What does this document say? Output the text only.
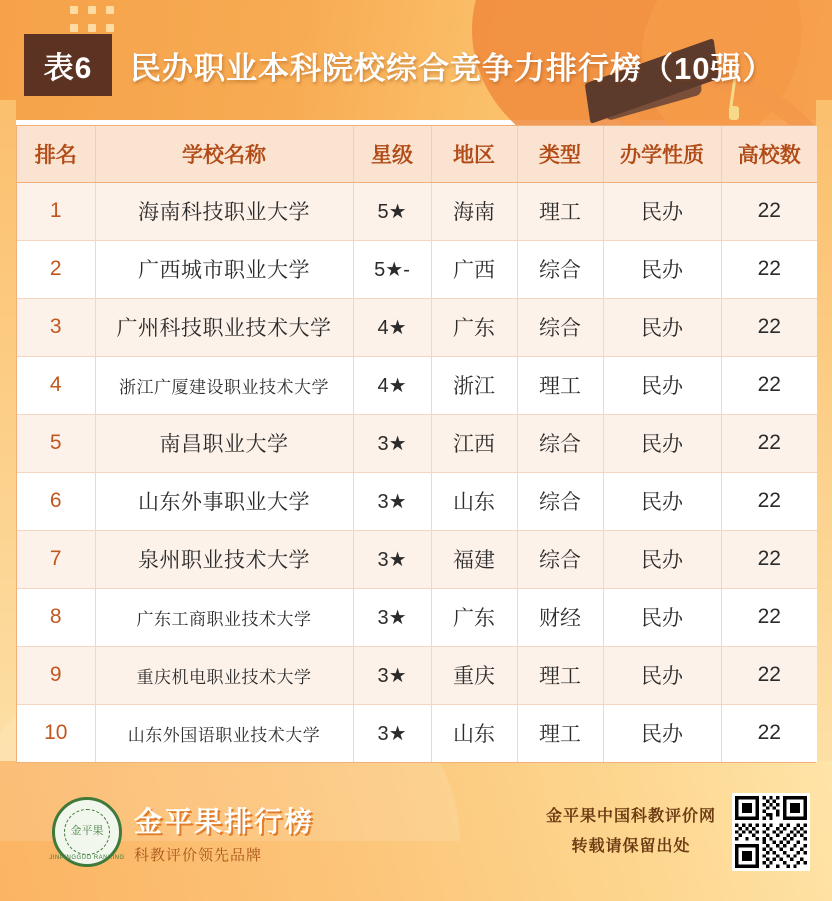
表6	民办职业本科院校综合竞争力排行榜（10强）
排名	学校名称	星级	地区	类型	办学性质	高校数
1	海南科技职业大学	5★	海南	理工	民办	22
2	广西城市职业大学	5★-	广西	综合	民办	22
3	广州科技职业技术大学	4★	广东	综合	民办	22
4	浙江广厦建设职业技术大学	4★	浙江	理工	民办	22
5	南昌职业大学	3★	江西	综合	民办	22
6	山东外事职业大学	3★	山东	综合	民办	22
7	泉州职业技术大学	3★	福建	综合	民办	22
8	广东工商职业技术大学	3★	广东	财经	民办	22
9	重庆机电职业技术大学	3★	重庆	理工	民办	22
10	山东外国语职业技术大学	3★	山东	理工	民办	22
金平果
JINPINGGUO RANKING
金平果排行榜
科教评价领先品牌
金平果中国科教评价网
转载请保留出处
